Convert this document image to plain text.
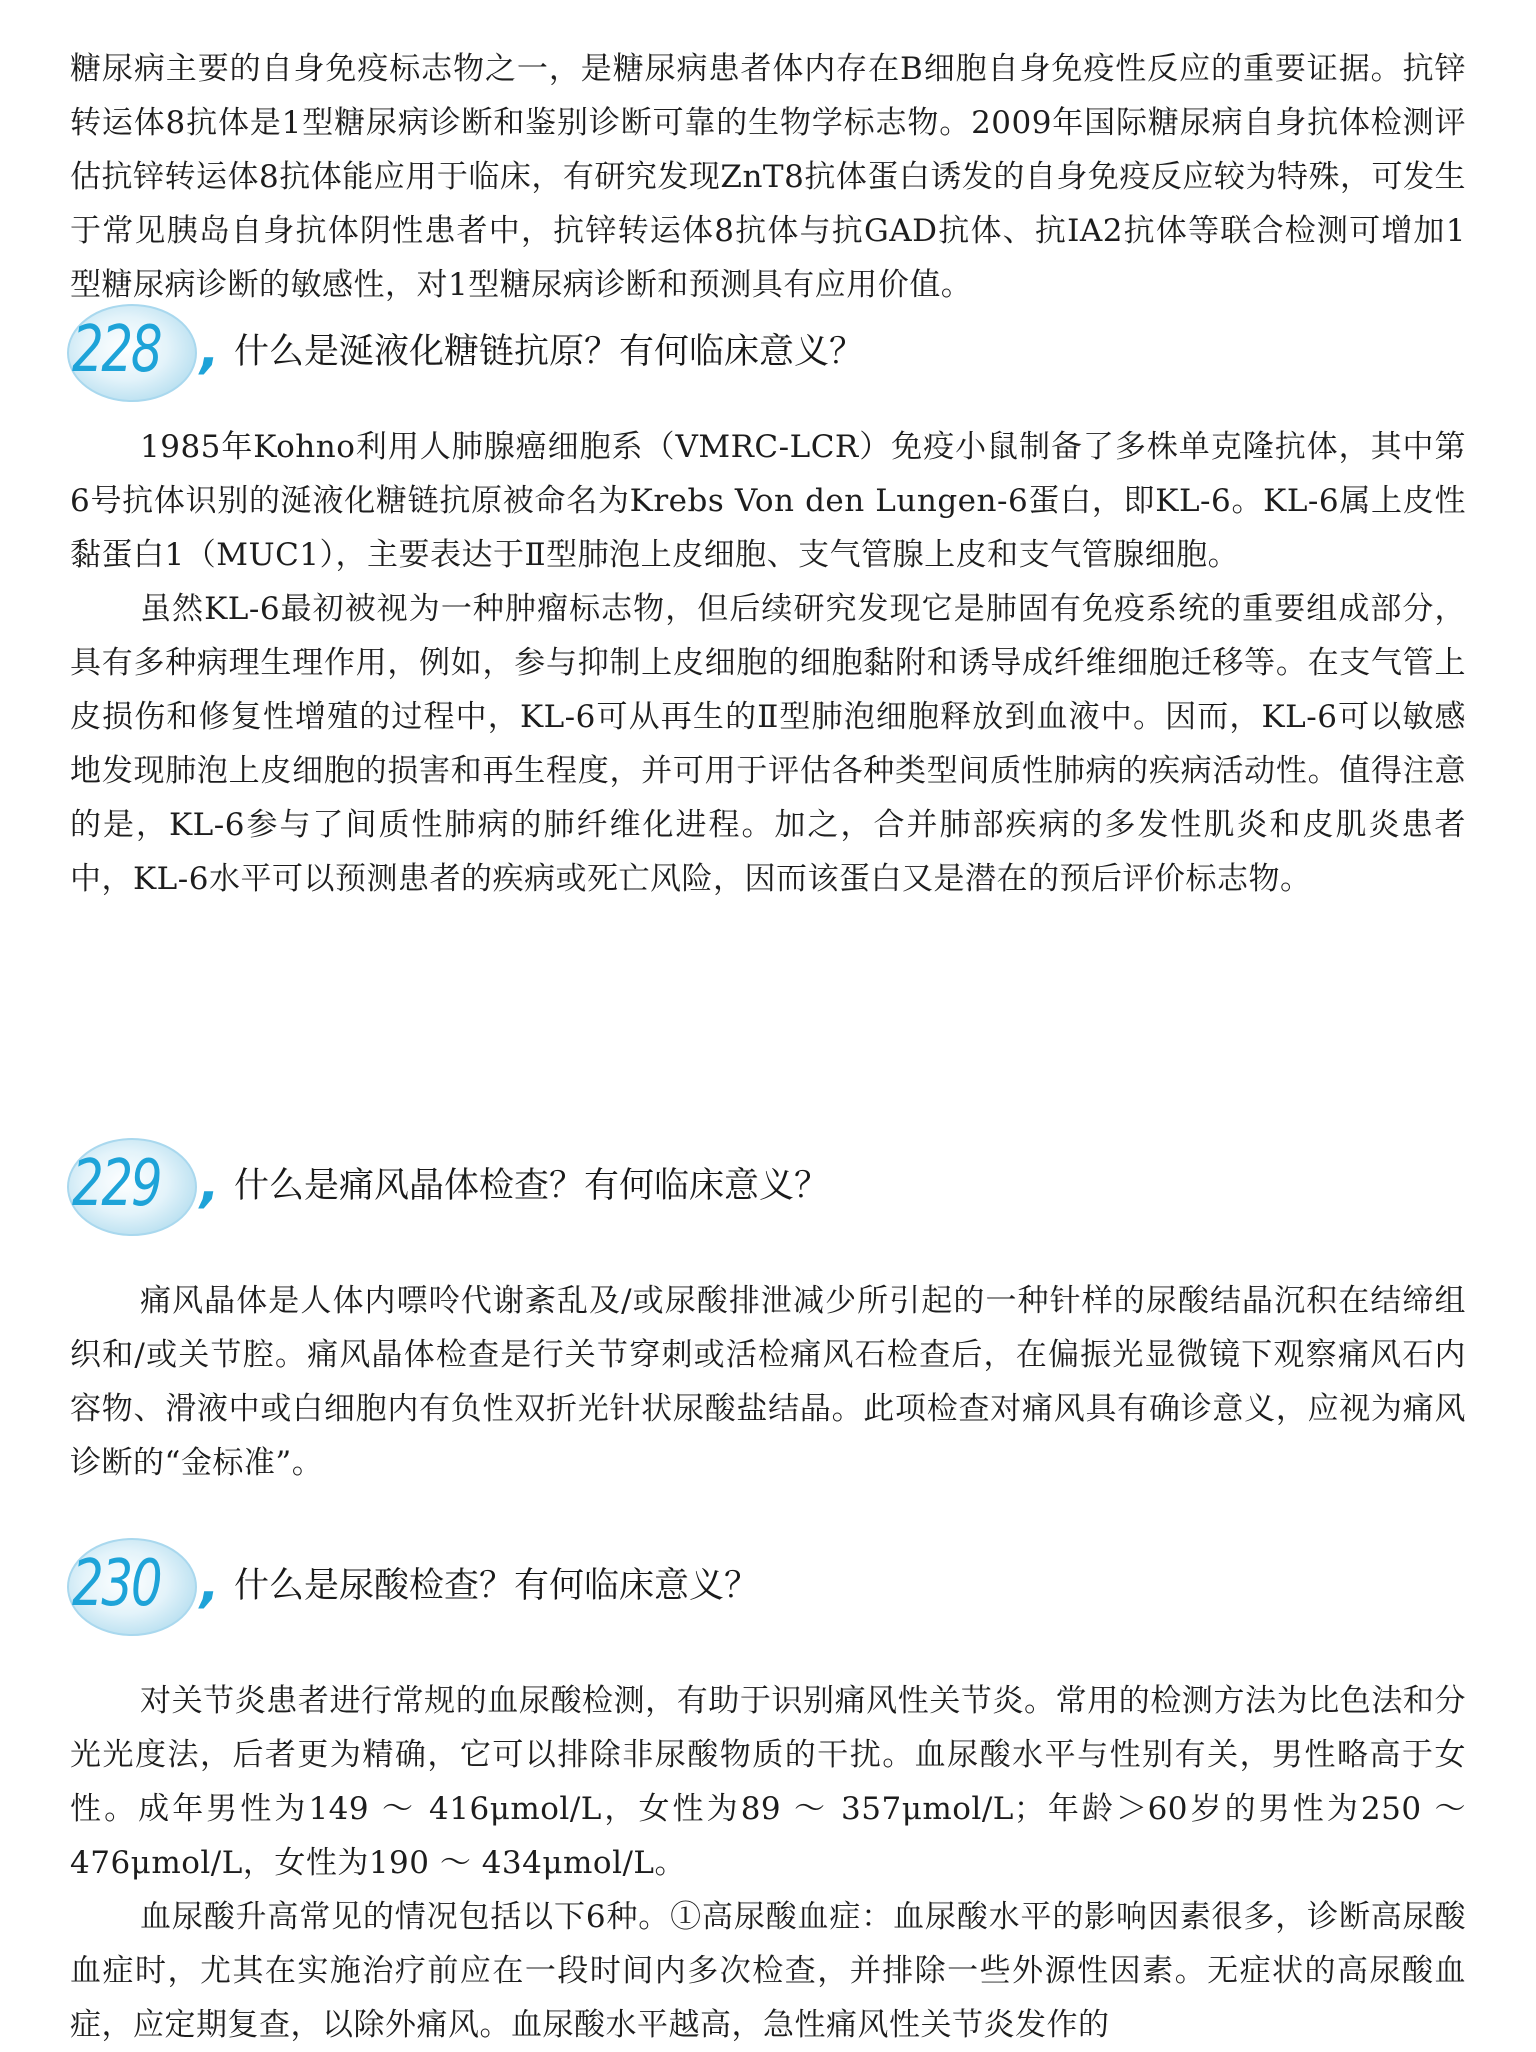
糖尿病主要的自身免疫标志物之一，是糖尿病患者体内存在B细胞自身免疫性反应的重要证据。抗锌转运体8抗体是1型糖尿病诊断和鉴别诊断可靠的生物学标志物。2009年国际糖尿病自身抗体检测评估抗锌转运体8抗体能应用于临床，有研究发现ZnT8抗体蛋白诱发的自身免疫反应较为特殊，可发生于常见胰岛自身抗体阴性患者中，抗锌转运体8抗体与抗GAD抗体、抗IA2抗体等联合检测可增加1型糖尿病诊断的敏感性，对1型糖尿病诊断和预测具有应用价值。

228 , 什么是涎液化糖链抗原？有何临床意义？

1985年Kohno利用人肺腺癌细胞系（VMRC-LCR）免疫小鼠制备了多株单克隆抗体，其中第6号抗体识别的涎液化糖链抗原被命名为Krebs Von den Lungen-6蛋白，即KL-6。KL-6属上皮性黏蛋白1（MUC1），主要表达于Ⅱ型肺泡上皮细胞、支气管腺上皮和支气管腺细胞。

虽然KL-6最初被视为一种肿瘤标志物，但后续研究发现它是肺固有免疫系统的重要组成部分，具有多种病理生理作用，例如，参与抑制上皮细胞的细胞黏附和诱导成纤维细胞迁移等。在支气管上皮损伤和修复性增殖的过程中，KL-6可从再生的Ⅱ型肺泡细胞释放到血液中。因而，KL-6可以敏感地发现肺泡上皮细胞的损害和再生程度，并可用于评估各种类型间质性肺病的疾病活动性。值得注意的是，KL-6参与了间质性肺病的肺纤维化进程。加之，合并肺部疾病的多发性肌炎和皮肌炎患者中，KL-6水平可以预测患者的疾病或死亡风险，因而该蛋白又是潜在的预后评价标志物。

229 , 什么是痛风晶体检查？有何临床意义？

痛风晶体是人体内嘌呤代谢紊乱及/或尿酸排泄减少所引起的一种针样的尿酸结晶沉积在结缔组织和/或关节腔。痛风晶体检查是行关节穿刺或活检痛风石检查后，在偏振光显微镜下观察痛风石内容物、滑液中或白细胞内有负性双折光针状尿酸盐结晶。此项检查对痛风具有确诊意义，应视为痛风诊断的“金标准”。

230 , 什么是尿酸检查？有何临床意义？

对关节炎患者进行常规的血尿酸检测，有助于识别痛风性关节炎。常用的检测方法为比色法和分光光度法，后者更为精确，它可以排除非尿酸物质的干扰。血尿酸水平与性别有关，男性略高于女性。成年男性为149 ～ 416μmol/L，女性为89 ～ 357μmol/L；年龄＞60岁的男性为250 ～ 476μmol/L，女性为190 ～ 434μmol/L。

血尿酸升高常见的情况包括以下6种。①高尿酸血症：血尿酸水平的影响因素很多，诊断高尿酸血症时，尤其在实施治疗前应在一段时间内多次检查，并排除一些外源性因素。无症状的高尿酸血症，应定期复查，以除外痛风。血尿酸水平越高，急性痛风性关节炎发作的
